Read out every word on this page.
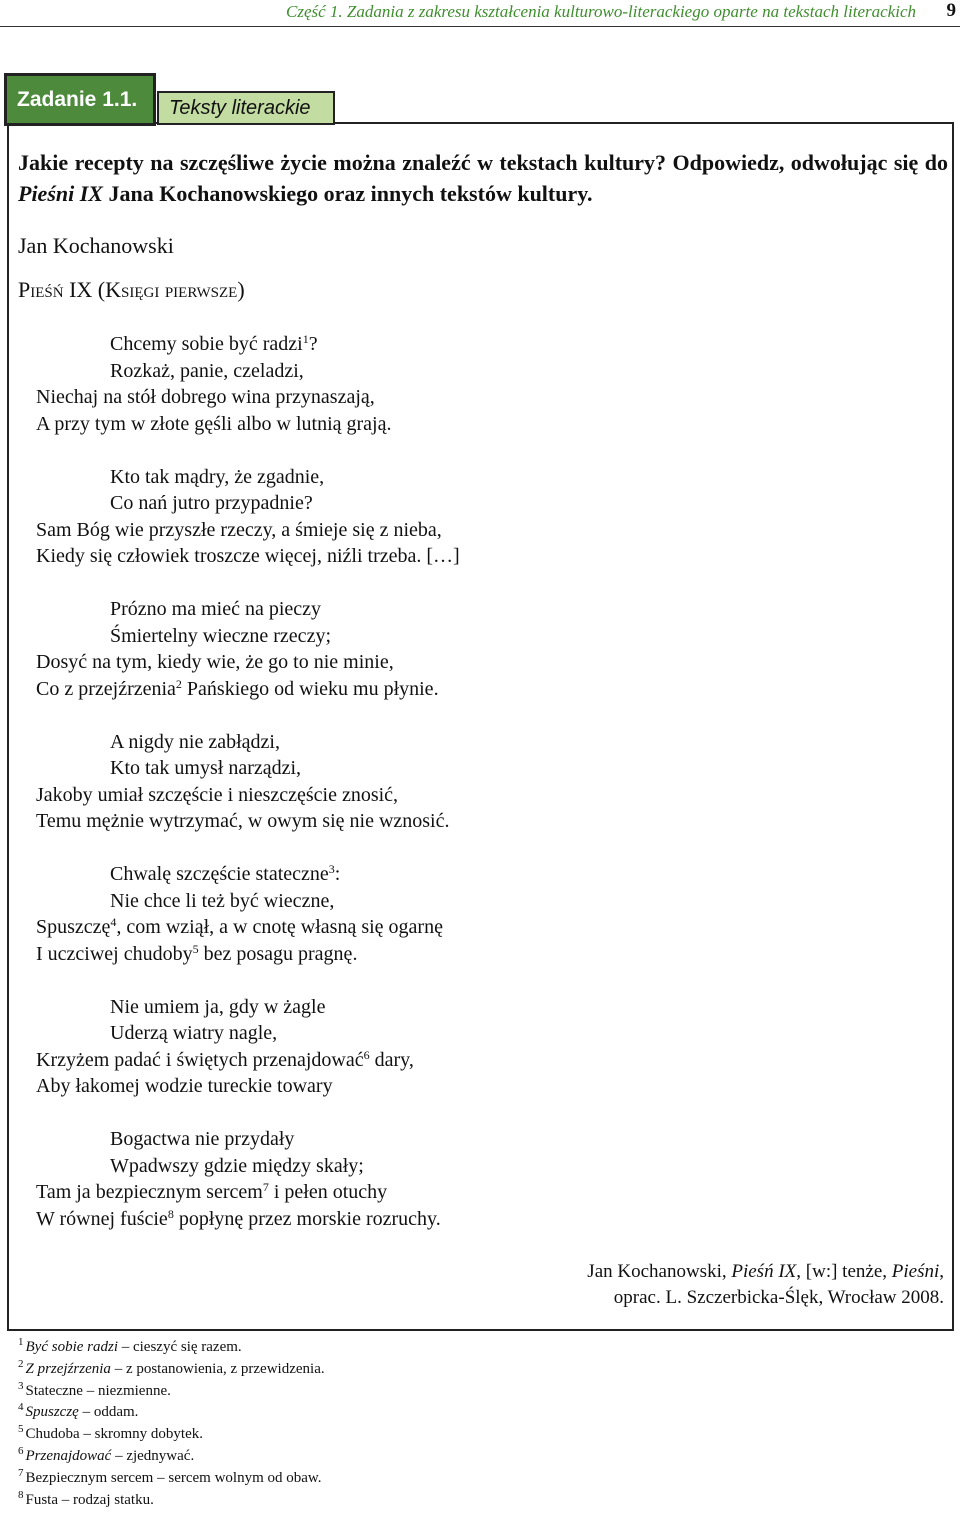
Część 1. Zadania z zakresu kształcenia kulturowo-literackiego oparte na tekstach literackich 9
Zadanie 1.1.	Teksty literackie
Jakie recepty na szczęśliwe życie można znaleźć w tekstach kultury? Odpowiedz, odwołując się do Pieśni IX Jana Kochanowskiego oraz innych tekstów kultury.
Jan Kochanowski
Pieśń IX (Księgi pierwsze)
Chcemy sobie być radzi$^1$?
Rozkaż, panie, czeladzi,
Niechaj na stół dobrego wina przynaszają,
A przy tym w złote gęśli albo w lutnią grają.
Kto tak mądry, że zgadnie,
Co nań jutro przypadnie?
Sam Bóg wie przyszłe rzeczy, a śmieje się z nieba,
Kiedy się człowiek troszcze więcej, niźli trzeba. […]
Prózno ma mieć na pieczy
Śmiertelny wieczne rzeczy;
Dosyć na tym, kiedy wie, że go to nie minie,
Co z przejźrzenia$^2$ Pańskiego od wieku mu płynie.
A nigdy nie zabłądzi,
Kto tak umysł narządzi,
Jakoby umiał szczęście i nieszczęście znosić,
Temu mężnie wytrzymać, w owym się nie wznosić.
Chwalę szczęście stateczne$^3$:
Nie chce li też być wieczne,
Spuszczę$^4$, com wziął, a w cnotę własną się ogarnę
I uczciwej chudoby$^5$ bez posagu pragnę.
Nie umiem ja, gdy w żagle
Uderzą wiatry nagle,
Krzyżem padać i świętych przenajdować$^6$ dary,
Aby łakomej wodzie tureckie towary
Bogactwa nie przydały
Wpadwszy gdzie między skały;
Tam ja bezpiecznym sercem$^7$ i pełen otuchy
W równej fuście$^8$ popłynę przez morskie rozruchy.
Jan Kochanowski, Pieśń IX, [w:] tenże, Pieśni,
oprac. L. Szczerbicka-Ślęk, Wrocław 2008.
$^1$ Być sobie radzi – cieszyć się razem.
$^2$ Z przejźrzenia – z postanowienia, z przewidzenia.
$^3$ Stateczne – niezmienne.
$^4$ Spuszczę – oddam.
$^5$ Chudoba – skromny dobytek.
$^6$ Przenajdować – zjednywać.
$^7$ Bezpiecznym sercem – sercem wolnym od obaw.
$^8$ Fusta – rodzaj statku.
